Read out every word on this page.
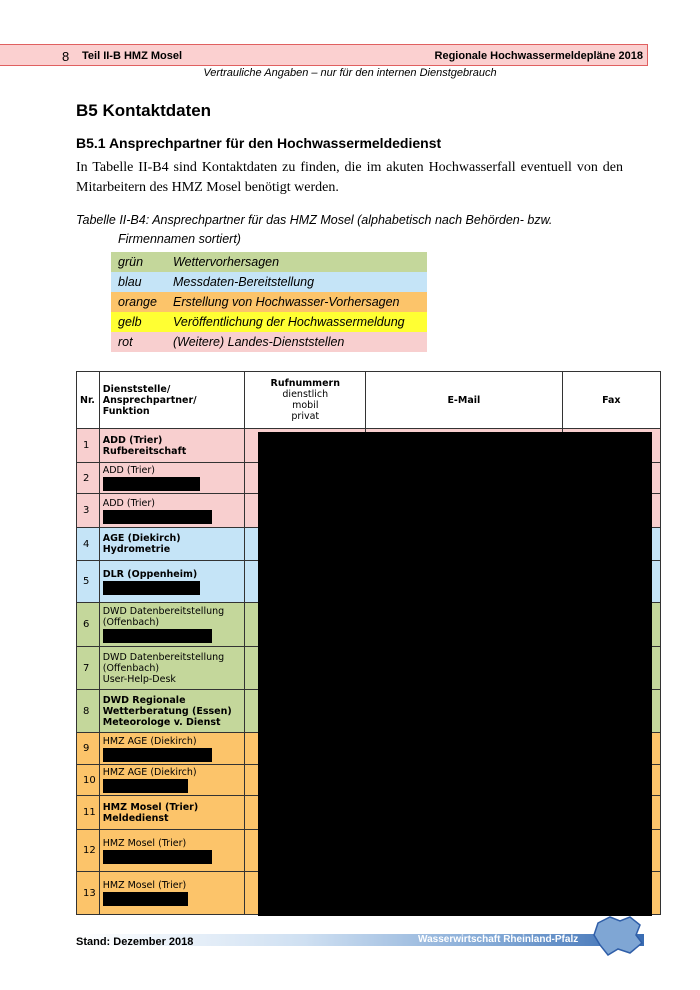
8 Teil II-B HMZ Mosel	Regionale Hochwassermeldepläne 2018
Vertrauliche Angaben – nur für den internen Dienstgebrauch
B5 Kontaktdaten
B5.1 Ansprechpartner für den Hochwassermeldedienst
In Tabelle II-B4 sind Kontaktdaten zu finden, die im akuten Hochwasserfall eventuell von den Mitarbeitern des HMZ Mosel benötigt werden.
Tabelle II-B4: Ansprechpartner für das HMZ Mosel (alphabetisch nach Behörden- bzw.
Firmennamen sortiert)
grün	Wettervorhersagen
blau	Messdaten-Bereitstellung
orange	Erstellung von Hochwasser-Vorhersagen
gelb	Veröffentlichung der Hochwassermeldung
rot	(Weitere) Landes-Dienststellen
Nr.	Dienststelle/
Ansprechpartner/
Funktion	Rufnummern
dienstlich
mobil
privat	E-Mail	Fax
1	ADD (Trier)
Rufbereitschaft			

2	ADD (Trier)			

3	ADD (Trier)			

4	AGE (Diekirch)
Hydrometrie			

5	DLR (Oppenheim)			

6	DWD Datenbereitstellung
(Offenbach)			

7	DWD Datenbereitstellung
(Offenbach)
User-Help-Desk			

8	DWD Regionale
Wetterberatung (Essen)
Meteorologe v. Dienst			

9	HMZ AGE (Diekirch)			

10	HMZ AGE (Diekirch)			

11	HMZ Mosel (Trier)
Meldedienst			

12	HMZ Mosel (Trier)			

13	HMZ Mosel (Trier)			

Stand: Dezember 2018	Wasserwirtschaft Rheinland-Pfalz
